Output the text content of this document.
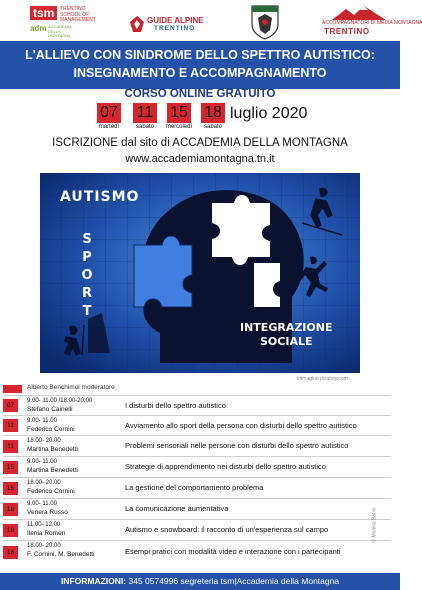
tsm	TRENTINO SCHOOL OF MANAGEMENT
adm ACCADEMIA DELLA MONTAGNA
GUIDE ALPINE
TRENTINO
ACCOMPAGNATORI DI MEDIA MONTAGNA
TRENTINO
L'ALLIEVO CON SINDROME DELLO SPETTRO AUTISTICO:
INSEGNAMENTO E ACCOMPAGNAMENTO
CORSO ONLINE GRATUITO
07
martedì
11
sabato
15
mercoledì
18
sabato
luglio 2020
ISCRIZIONE dal sito di ACCADEMIA DELLA MONTAGNA
www.accademiamontagna.tn.it
AUTISMO
S
P
O
R
T
INTEGRAZIONE
SOCIALE
immagine pixabay.com
Alberto Benchimol moderatore
07
9.00- 11.00 /18.00-20.00
Stefano Cainelli	I disturbi dello spettro autistico
11
9.00- 11.00
Federico Cornini	Avviamento allo sport della persona con disturbi dello spettro autistico
11
18.00- 20.00
Martina Benedetti	Problemi sensoriali nelle persone con disturbi dello spettro autistico
15
9.00- 11.00
Martina Benedetti	Strategie di apprendimento nei disturbi dello spettro autistico
15
18.00- 20.00
Federico Cornini	La gestione del comportamento problema
18
9.00- 11.00
Venera Russo	La comunicazione aumentativa
18
11.00- 12.00
Ilenia Romeri	Autismo e snowboard: il racconto di un'esperienza sul campo
18
18.00- 20.00
F. Cornini, M. Benedetti	Esempi pratici con modalità video e interazione con i partecipanti
© Monika Batini
INFORMAZIONI: 345 0574996 segreteria tsm|Accademia della Montagna
